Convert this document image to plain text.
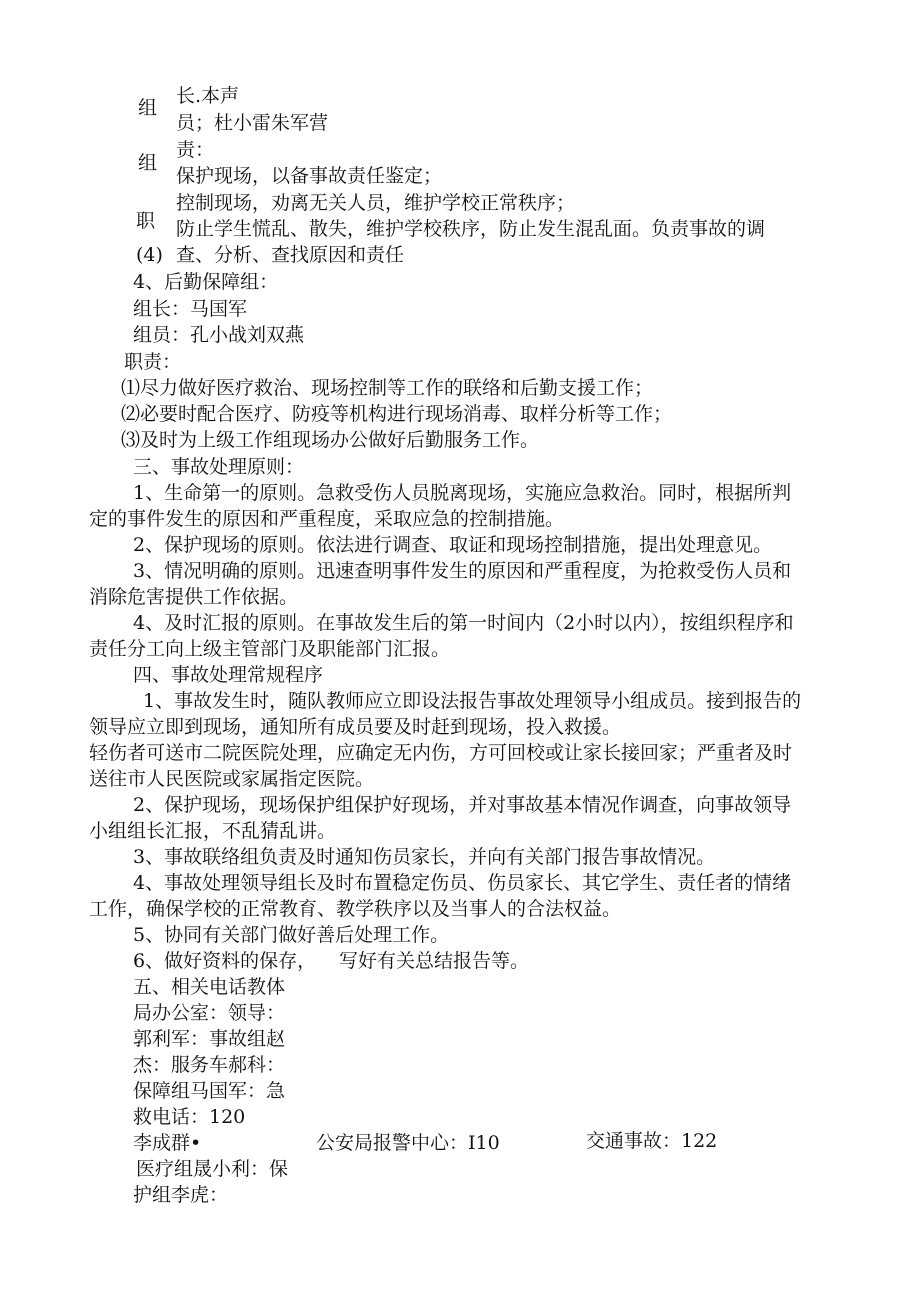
组
长.本声
员；杜小雷朱军营
责：
组
保护现场，以备事故责任鉴定；
控制现场，劝离无关人员，维护学校正常秩序；
职 防止学生慌乱、散失，维护学校秩序，防止发生混乱面。负责事故的调
(4) 查、分析、查找原因和责任
4、后勤保障组：
组长：马国军
组员：孔小战刘双燕
职责：
⑴尽力做好医疗救治、现场控制等工作的联络和后勤支援工作；
⑵必要时配合医疗、防疫等机构进行现场消毒、取样分析等工作；
⑶及时为上级工作组现场办公做好后勤服务工作。
三、事故处理原则：
1、生命第一的原则。急救受伤人员脱离现场，实施应急救治。同时，根据所判
定的事件发生的原因和严重程度，采取应急的控制措施。
2、保护现场的原则。依法进行调查、取证和现场控制措施，提出处理意见。
3、情况明确的原则。迅速查明事件发生的原因和严重程度，为抢救受伤人员和
消除危害提供工作依据。
4、及时汇报的原则。在事故发生后的第一时间内（2小时以内），按组织程序和
责任分工向上级主管部门及职能部门汇报。
四、事故处理常规程序
1、事故发生时，随队教师应立即设法报告事故处理领导小组成员。接到报告的
领导应立即到现场，通知所有成员要及时赶到现场，投入救援。
轻伤者可送市二院医院处理，应确定无内伤，方可回校或让家长接回家；严重者及时
送往市人民医院或家属指定医院。
2、保护现场，现场保护组保护好现场，并对事故基本情况作调查，向事故领导
小组组长汇报，不乱猜乱讲。
3、事故联络组负责及时通知伤员家长，并向有关部门报告事故情况。
4、事故处理领导组长及时布置稳定伤员、伤员家长、其它学生、责任者的情绪
工作，确保学校的正常教育、教学秩序以及当事人的合法权益。
5、协同有关部门做好善后处理工作。
6、做好资料的保存， 写好有关总结报告等。
五、相关电话教体
局办公室：领导：
郭利军：事故组赵
杰：服务车郝科：
保障组马国军：急
救电话：120
李成群•	公安局报警中心：I10	交通事故：122
医疗组晟小利：保
护组李虎：
